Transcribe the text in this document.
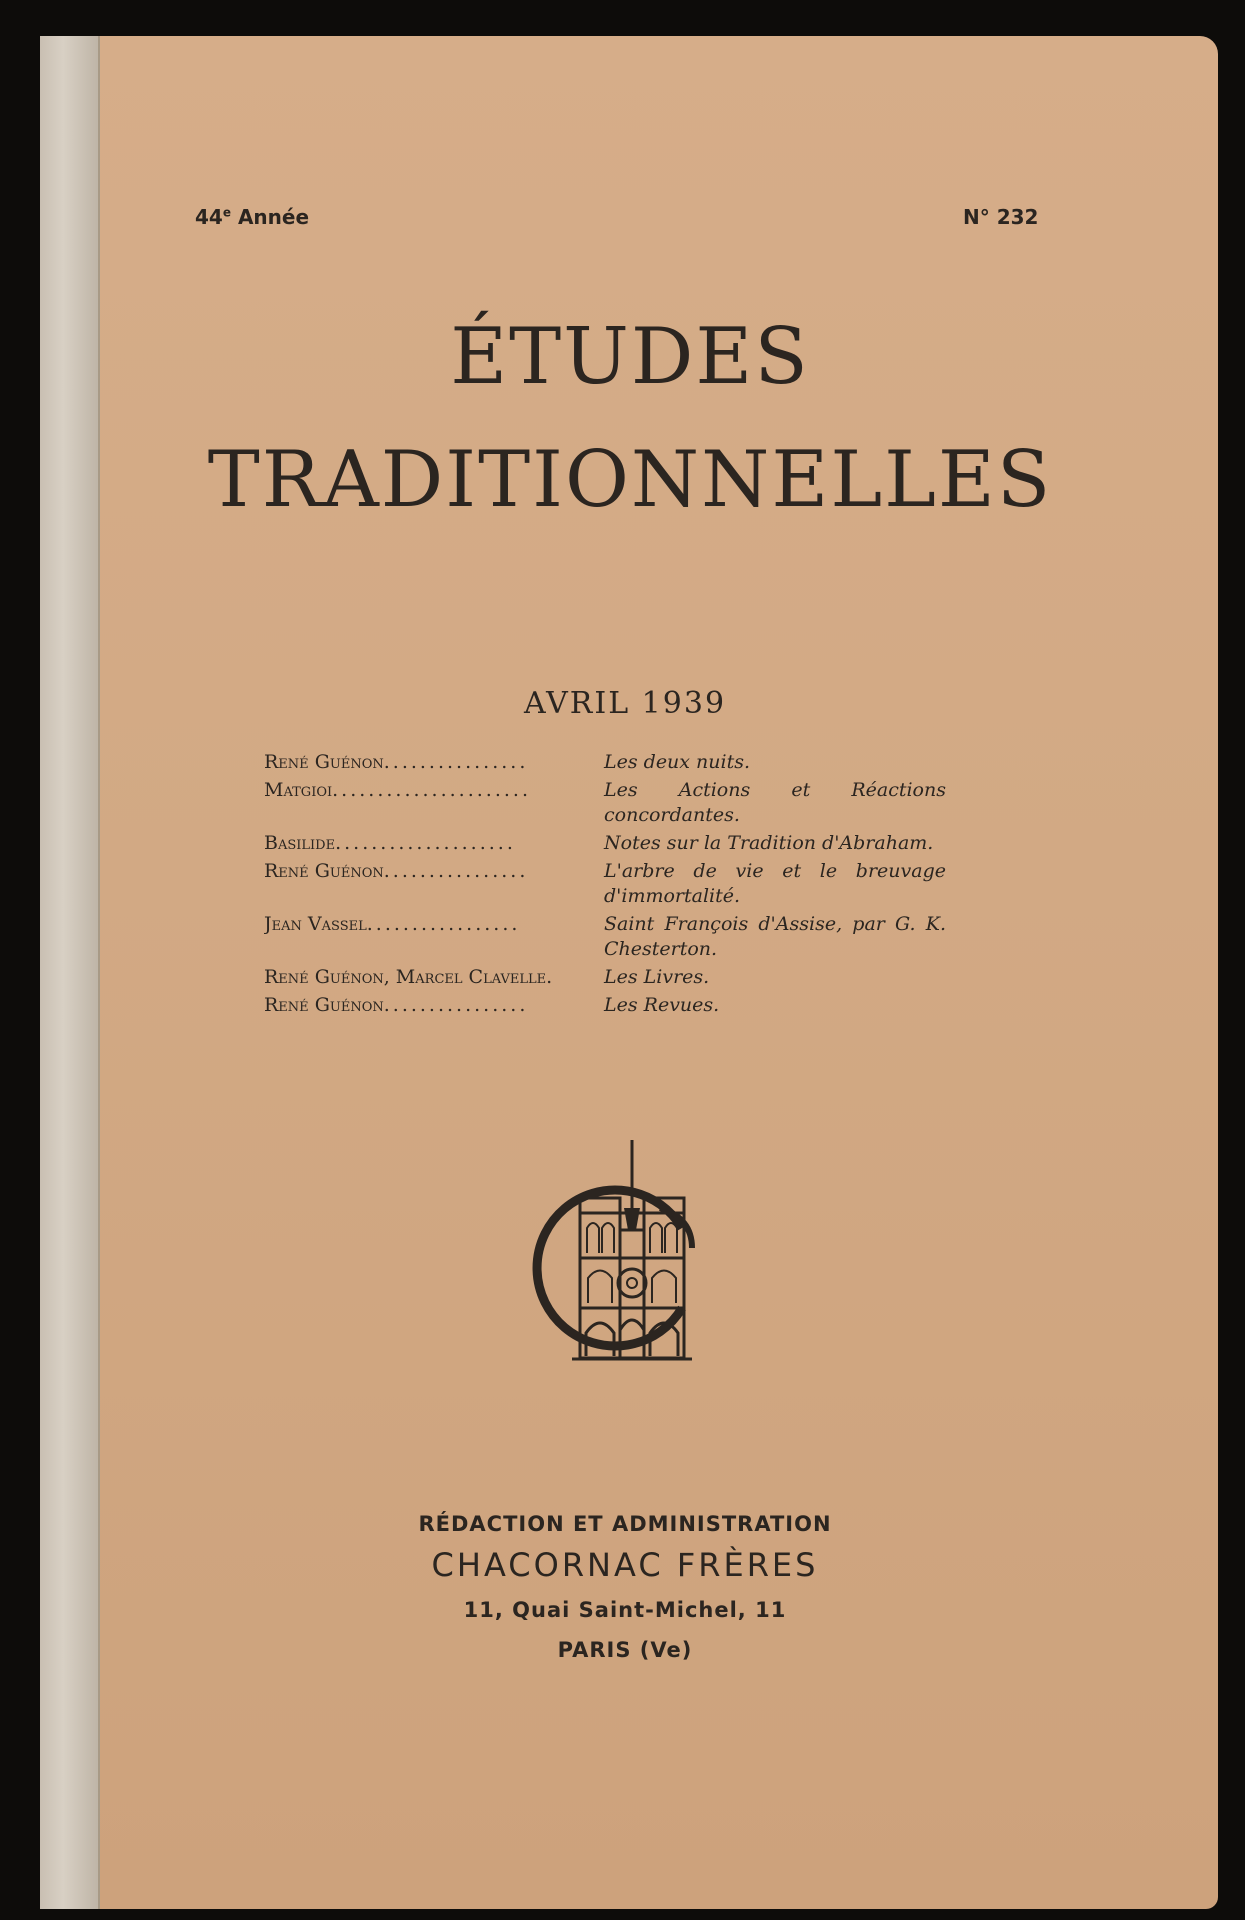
44e Année	N° 232
ÉTUDES
TRADITIONNELLES
AVRIL 1939
René Guénon................	Les deux nuits.
Matgioi......................	Les Actions et Réactions concordantes.
Basilide....................	Notes sur la Tradition d'Abraham.
René Guénon................	L'arbre de vie et le breuvage d'immortalité.
Jean Vassel.................	Saint François d'Assise, par G. K. Chesterton.
René Guénon, Marcel Clavelle.	Les Livres.
René Guénon................	Les Revues.
RÉDACTION ET ADMINISTRATION
CHACORNAC FRÈRES
11, Quai Saint-Michel, 11
PARIS (Ve)
